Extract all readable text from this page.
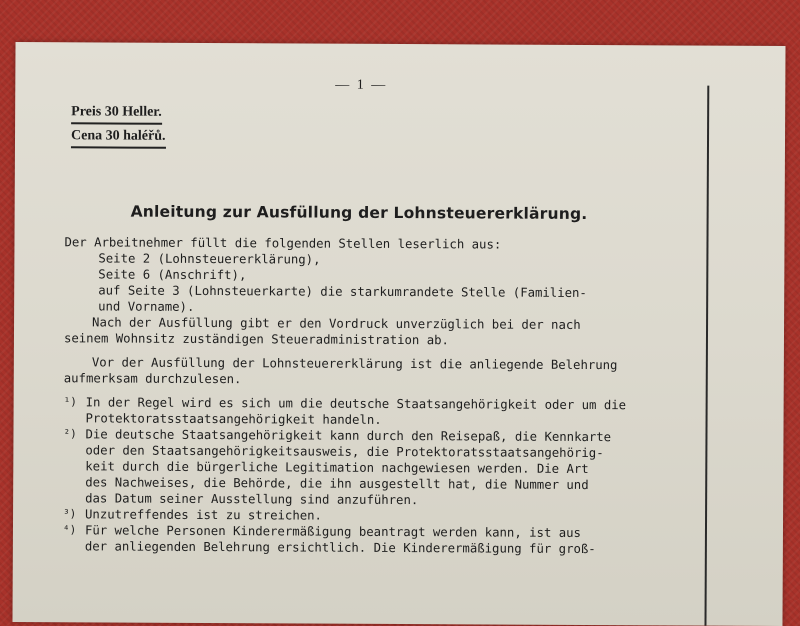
— 1 —
Preis 30 Heller.
Cena 30 haléřů.
Anleitung zur Ausfüllung der Lohnsteuererklärung.
Der Arbeitnehmer füllt die folgenden Stellen leserlich aus:
Seite 2 (Lohnsteuererklärung),
Seite 6 (Anschrift),
auf Seite 3 (Lohnsteuerkarte) die starkumrandete Stelle (Familien-
und Vorname).
Nach der Ausfüllung gibt er den Vordruck unverzüglich bei der nach
seinem Wohnsitz zuständigen Steueradministration ab.
Vor der Ausfüllung der Lohnsteuererklärung ist die anliegende Belehrung
aufmerksam durchzulesen.
¹) In der Regel wird es sich um die deutsche Staatsangehörigkeit oder um die
Protektoratsstaatsangehörigkeit handeln.
²) Die deutsche Staatsangehörigkeit kann durch den Reisepaß, die Kennkarte
oder den Staatsangehörigkeitsausweis, die Protektoratsstaatsangehörig-
keit durch die bürgerliche Legitimation nachgewiesen werden. Die Art
des Nachweises, die Behörde, die ihn ausgestellt hat, die Nummer und
das Datum seiner Ausstellung sind anzuführen.
³) Unzutreffendes ist zu streichen.
⁴) Für welche Personen Kinderermäßigung beantragt werden kann, ist aus
der anliegenden Belehrung ersichtlich. Die Kinderermäßigung für groß-
